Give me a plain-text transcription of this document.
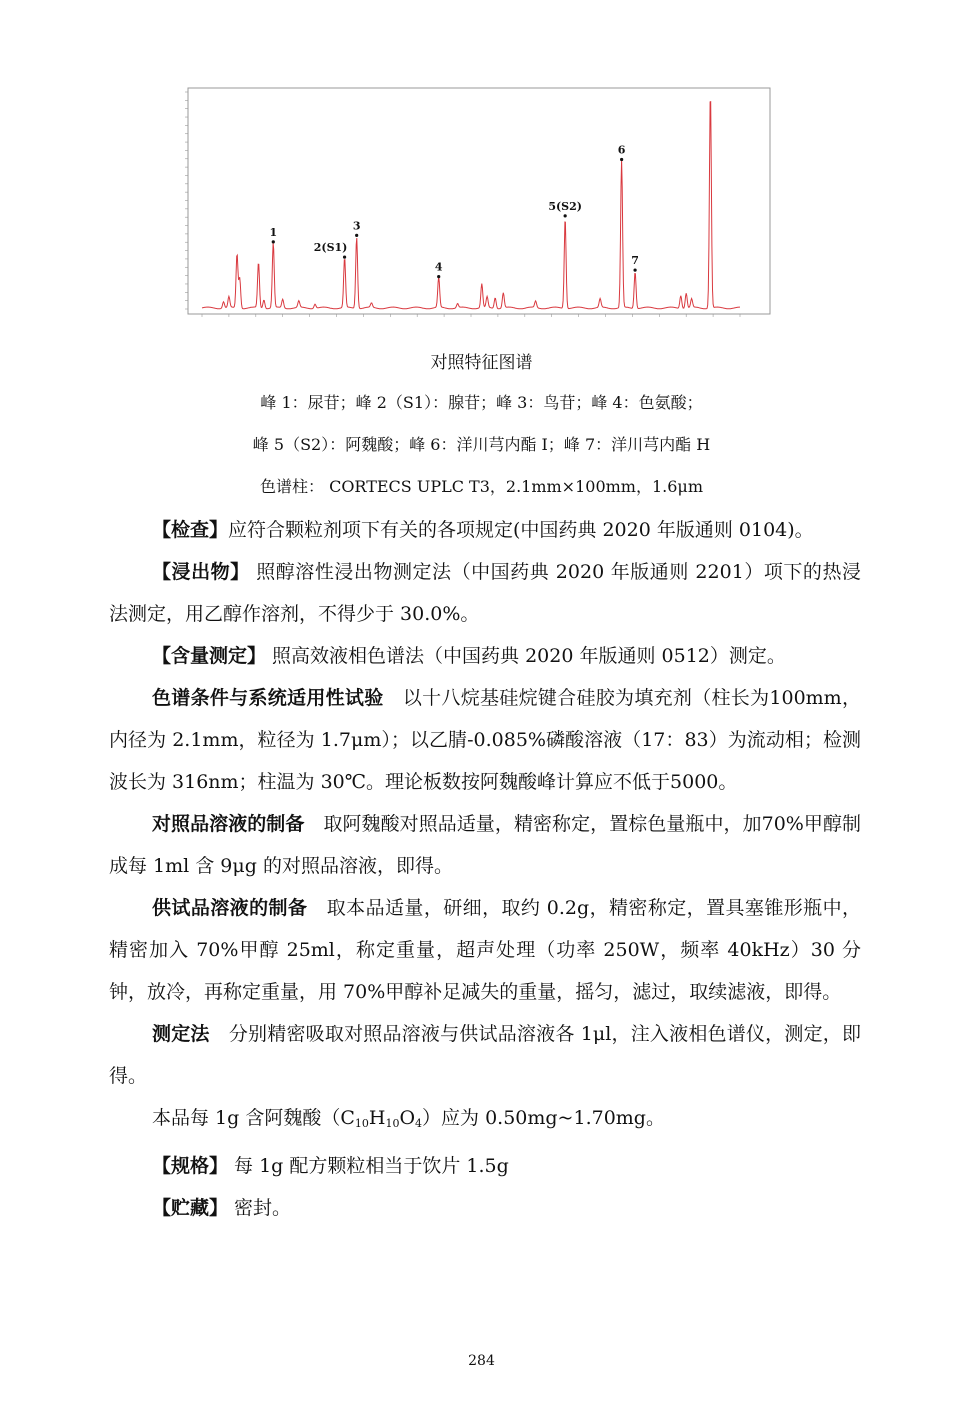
1
2(S1)
3
4
5(S2)
6
7
对照特征图谱
峰 1：尿苷；峰 2（S1）：腺苷；峰 3：鸟苷；峰 4：色氨酸；
峰 5（S2）：阿魏酸；峰 6：洋川芎内酯 I；峰 7：洋川芎内酯 H
色谱柱： CORTECS UPLC T3，2.1mm×100mm，1.6μm

【检查】应符合颗粒剂项下有关的各项规定(中国药典 2020 年版通则 0104)。

【浸出物】 照醇溶性浸出物测定法（中国药典 2020 年版通则 2201）项下的热浸法测定，用乙醇作溶剂，不得少于 30.0%。

【含量测定】 照高效液相色谱法（中国药典 2020 年版通则 0512）测定。

色谱条件与系统适用性试验　以十八烷基硅烷键合硅胶为填充剂（柱长为100mm，内径为 2.1mm，粒径为 1.7μm）；以乙腈-0.085%磷酸溶液（17：83）为流动相；检测波长为 316nm；柱温为 30℃。理论板数按阿魏酸峰计算应不低于5000。

对照品溶液的制备　取阿魏酸对照品适量，精密称定，置棕色量瓶中，加70%甲醇制成每 1ml 含 9μg 的对照品溶液，即得。

供试品溶液的制备　取本品适量，研细，取约 0.2g，精密称定，置具塞锥形瓶中，精密加入 70%甲醇 25ml，称定重量，超声处理（功率 250W，频率 40kHz）30 分钟，放冷，再称定重量，用 70%甲醇补足减失的重量，摇匀，滤过，取续滤液，即得。

测定法　分别精密吸取对照品溶液与供试品溶液各 1μl，注入液相色谱仪，测定，即得。

本品每 1g 含阿魏酸$(C_{10}H_{10}O_4)$应为 0.50mg~1.70mg。

【规格】 每 1g 配方颗粒相当于饮片 1.5g

【贮藏】 密封。

284
